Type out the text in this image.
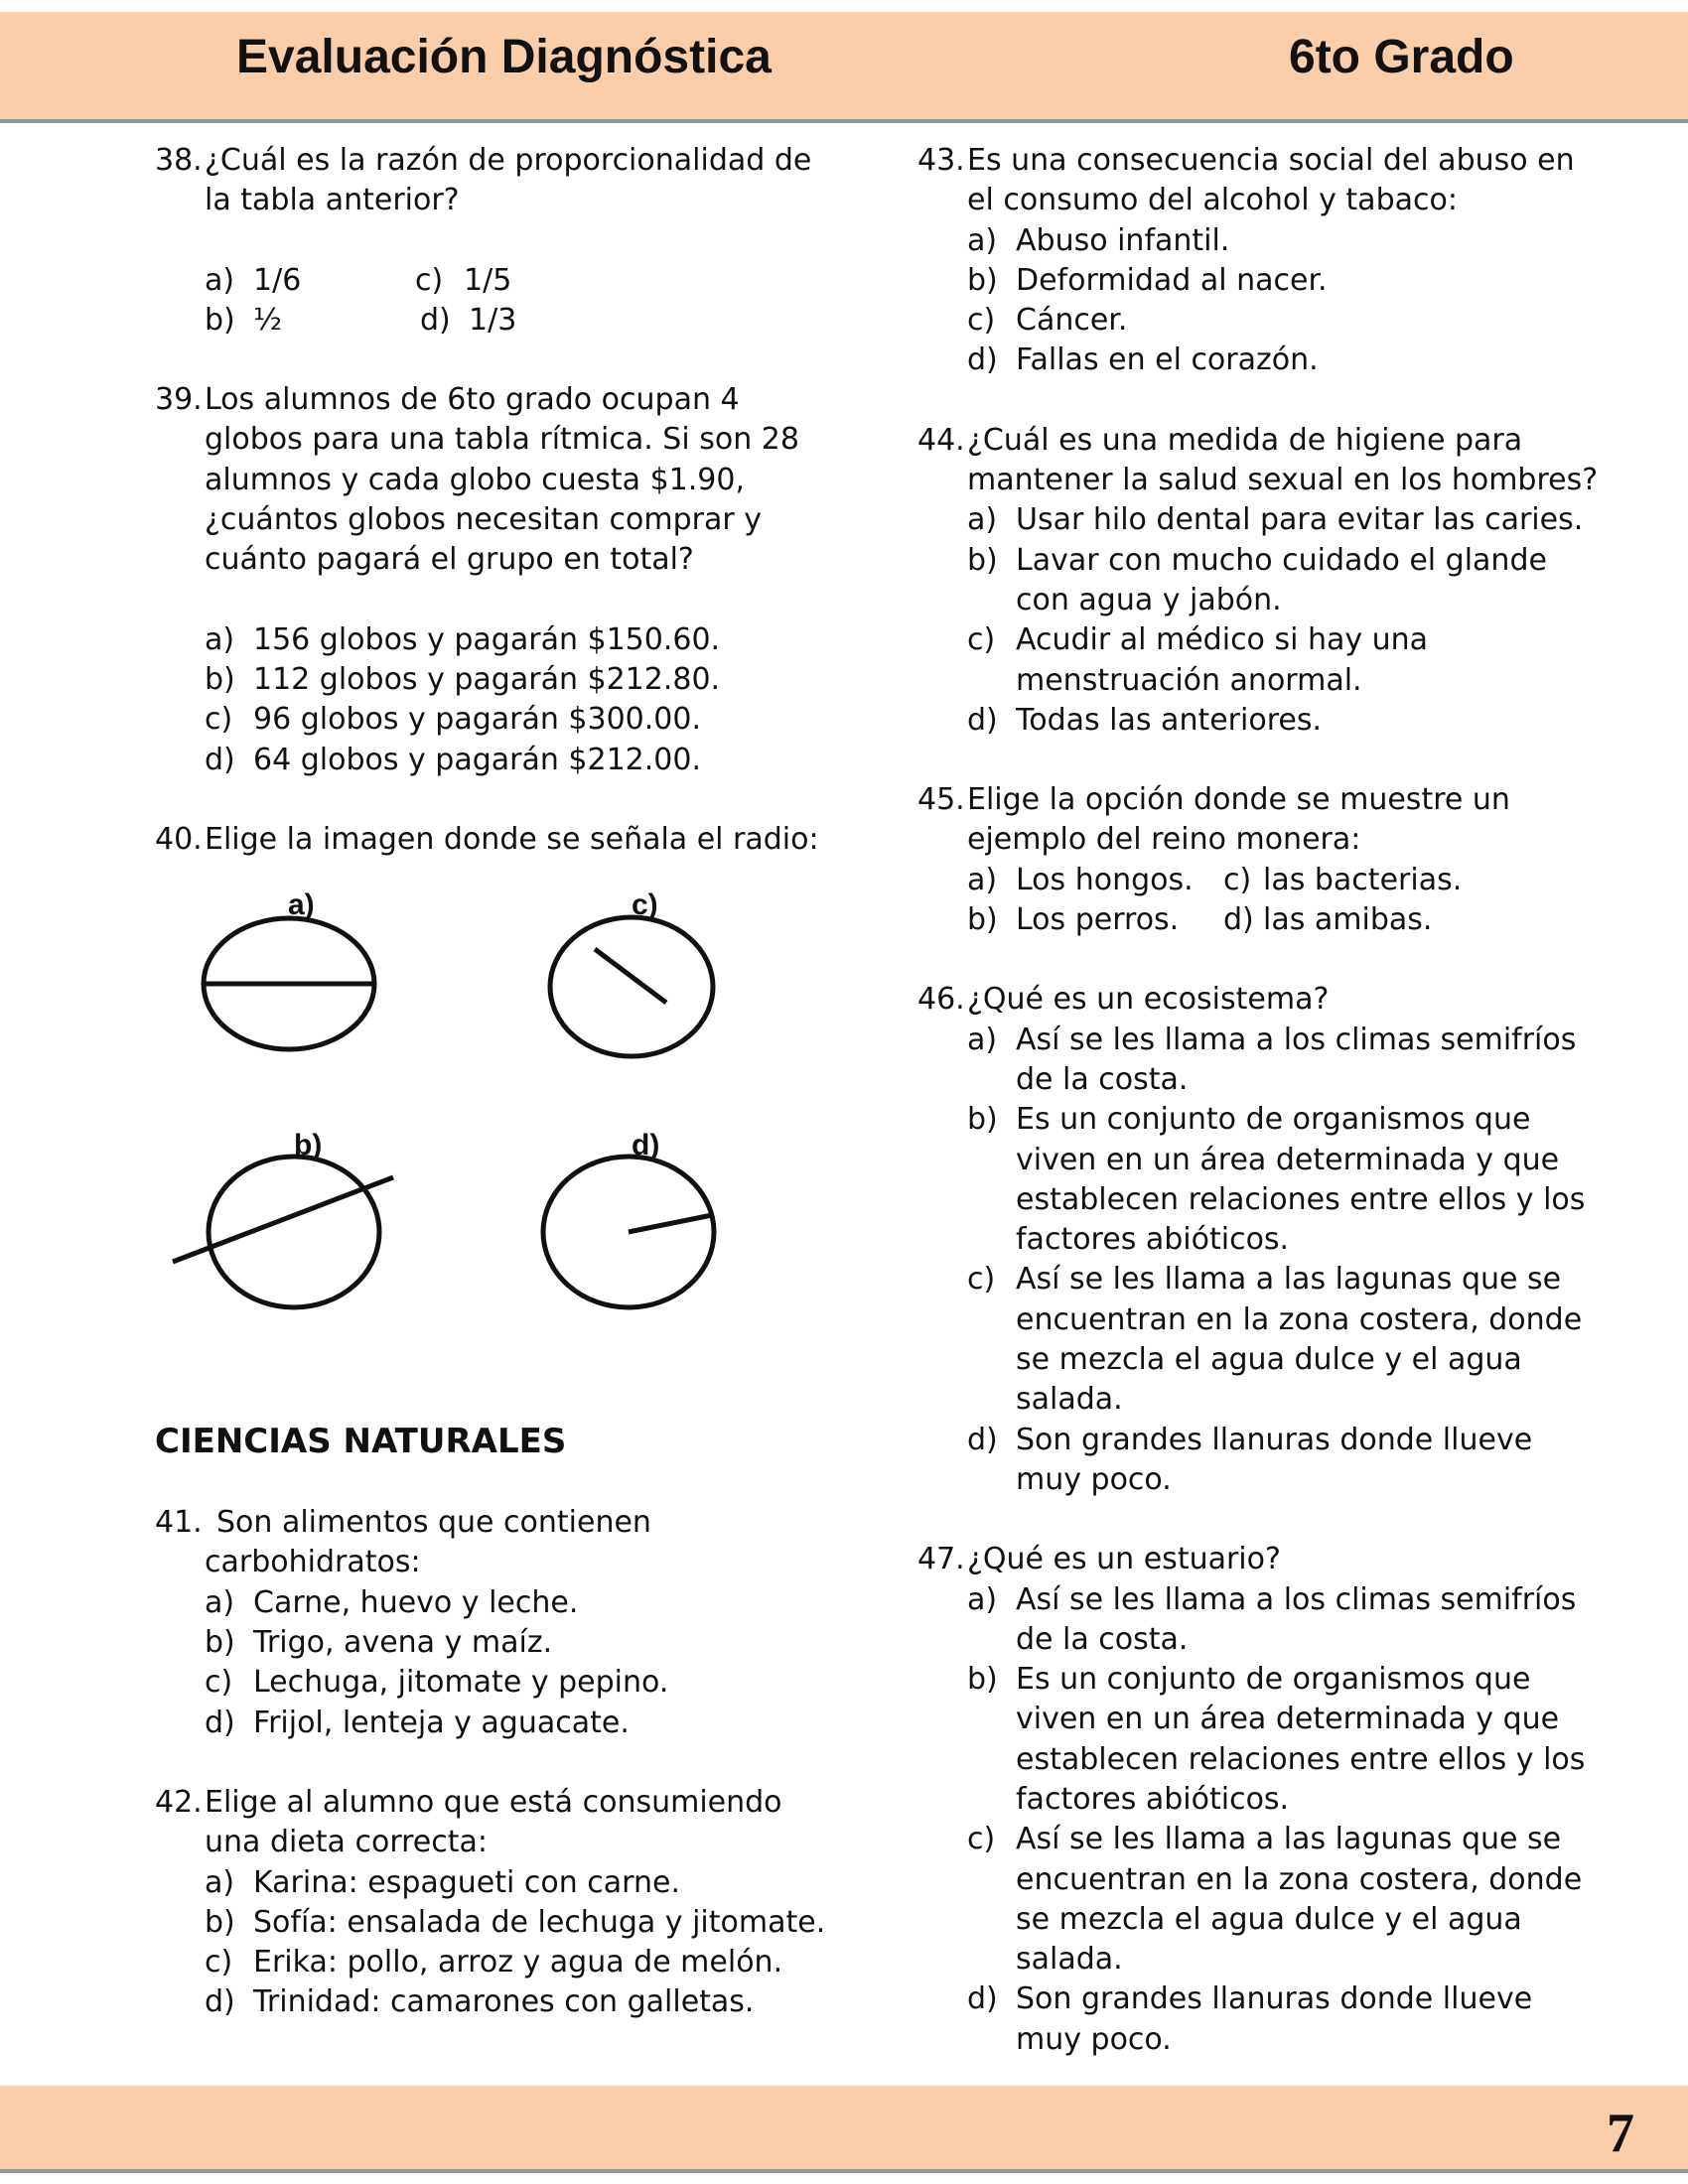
Evaluación Diagnóstica	6to Grado
38. ¿Cuál es la razón de proporcionalidad de
la tabla anterior?
a) 1/6	c) 1/5
b) ½	d) 1/3
39. Los alumnos de 6to grado ocupan 4
globos para una tabla rítmica. Si son 28
alumnos y cada globo cuesta $1.90,
¿cuántos globos necesitan comprar y
cuánto pagará el grupo en total?
a) 156 globos y pagarán $150.60.
b) 112 globos y pagarán $212.80.
c) 96 globos y pagarán $300.00.
d) 64 globos y pagarán $212.00.
40. Elige la imagen donde se señala el radio:
a)	c)
b)	d)
CIENCIAS NATURALES
41. Son alimentos que contienen
carbohidratos:
a) Carne, huevo y leche.
b) Trigo, avena y maíz.
c) Lechuga, jitomate y pepino.
d) Frijol, lenteja y aguacate.
42. Elige al alumno que está consumiendo
una dieta correcta:
a) Karina: espagueti con carne.
b) Sofía: ensalada de lechuga y jitomate.
c) Erika: pollo, arroz y agua de melón.
d) Trinidad: camarones con galletas.
43. Es una consecuencia social del abuso en
el consumo del alcohol y tabaco:
a) Abuso infantil.
b) Deformidad al nacer.
c) Cáncer.
d) Fallas en el corazón.
44. ¿Cuál es una medida de higiene para
mantener la salud sexual en los hombres?
a) Usar hilo dental para evitar las caries.
b) Lavar con mucho cuidado el glande
con agua y jabón.
c) Acudir al médico si hay una
menstruación anormal.
d) Todas las anteriores.
45. Elige la opción donde se muestre un
ejemplo del reino monera:
a) Los hongos. c) las bacterias.
b) Los perros. d) las amibas.
46. ¿Qué es un ecosistema?
a) Así se les llama a los climas semifríos
de la costa.
b) Es un conjunto de organismos que
viven en un área determinada y que
establecen relaciones entre ellos y los
factores abióticos.
c) Así se les llama a las lagunas que se
encuentran en la zona costera, donde
se mezcla el agua dulce y el agua
salada.
d) Son grandes llanuras donde llueve
muy poco.
47. ¿Qué es un estuario?
a) Así se les llama a los climas semifríos
de la costa.
b) Es un conjunto de organismos que
viven en un área determinada y que
establecen relaciones entre ellos y los
factores abióticos.
c) Así se les llama a las lagunas que se
encuentran en la zona costera, donde
se mezcla el agua dulce y el agua
salada.
d) Son grandes llanuras donde llueve
muy poco.
7
